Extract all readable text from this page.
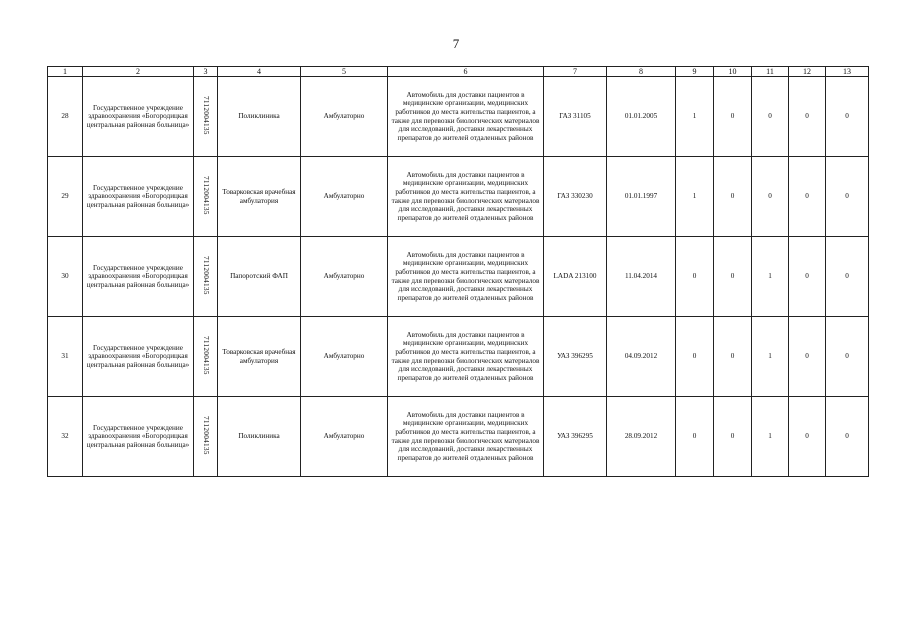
7
1	2	3	4	5	6	7	8	9	10	11	12	13
28	Государственное учреждение здравоохранения «Богородицкая центральная районная больница»	7112004135	Поликлиника	Амбулаторно	Автомобиль для доставки пациентов в медицинские организации, медицинских работников до места жительства пациентов, а также для перевозки биологических материалов для исследований, доставки лекарственных препаратов до жителей отдаленных районов	ГАЗ 31105	01.01.2005	1	0	0	0	0
29	Государственное учреждение здравоохранения «Богородицкая центральная районная больница»	7112004135	Товарковская врачебная амбулатория	Амбулаторно	Автомобиль для доставки пациентов в медицинские организации, медицинских работников до места жительства пациентов, а также для перевозки биологических материалов для исследований, доставки лекарственных препаратов до жителей отдаленных районов	ГАЗ 330230	01.01.1997	1	0	0	0	0
30	Государственное учреждение здравоохранения «Богородицкая центральная районная больница»	7112004135	Папоротский ФАП	Амбулаторно	Автомобиль для доставки пациентов в медицинские организации, медицинских работников до места жительства пациентов, а также для перевозки биологических материалов для исследований, доставки лекарственных препаратов до жителей отдаленных районов	LADA 213100	11.04.2014	0	0	1	0	0
31	Государственное учреждение здравоохранения «Богородицкая центральная районная больница»	7112004135	Товарковская врачебная амбулатория	Амбулаторно	Автомобиль для доставки пациентов в медицинские организации, медицинских работников до места жительства пациентов, а также для перевозки биологических материалов для исследований, доставки лекарственных препаратов до жителей отдаленных районов	УАЗ 396295	04.09.2012	0	0	1	0	0
32	Государственное учреждение здравоохранения «Богородицкая центральная районная больница»	7112004135	Поликлиника	Амбулаторно	Автомобиль для доставки пациентов в медицинские организации, медицинских работников до места жительства пациентов, а также для перевозки биологических материалов для исследований, доставки лекарственных препаратов до жителей отдаленных районов	УАЗ 396295	28.09.2012	0	0	1	0	0
